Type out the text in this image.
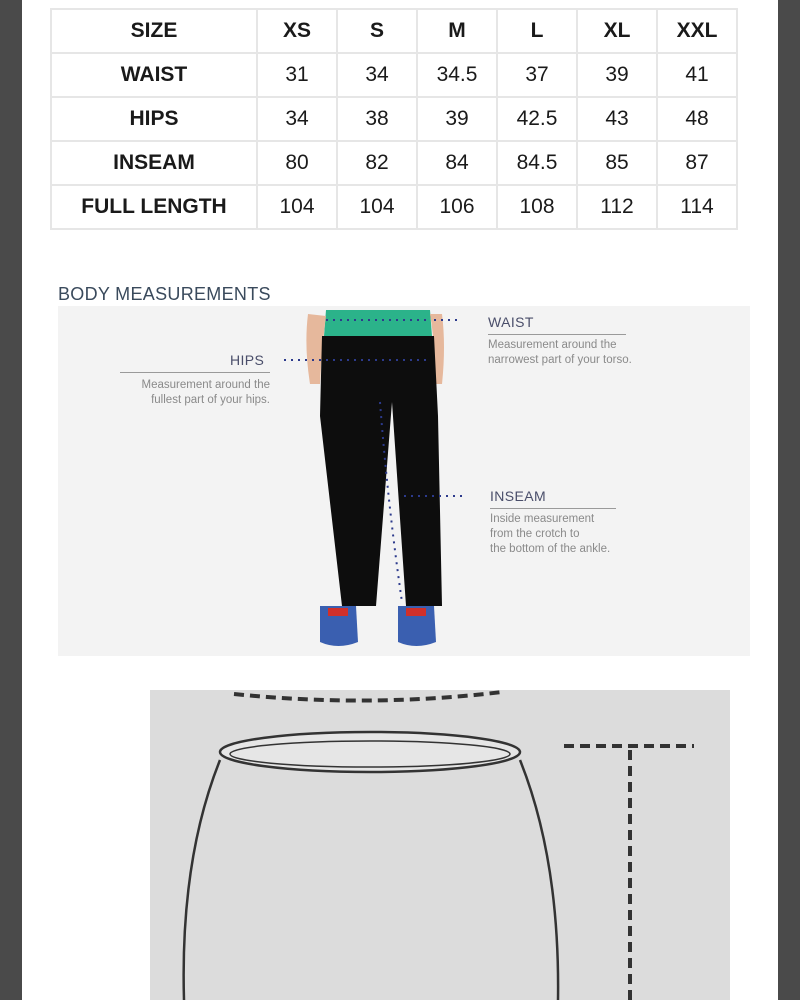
SIZE	XS	S	M	L	XL	XXL
WAIST	31	34	34.5	37	39	41
HIPS	34	38	39	42.5	43	48
INSEAM	80	82	84	84.5	85	87
FULL LENGTH	104	104	106	108	112	114
BODY MEASUREMENTS
WAIST
Measurement around the
narrowest part of your torso.
HIPS
Measurement around the
fullest part of your hips.
INSEAM
Inside measurement
from the crotch to
the bottom of the ankle.
